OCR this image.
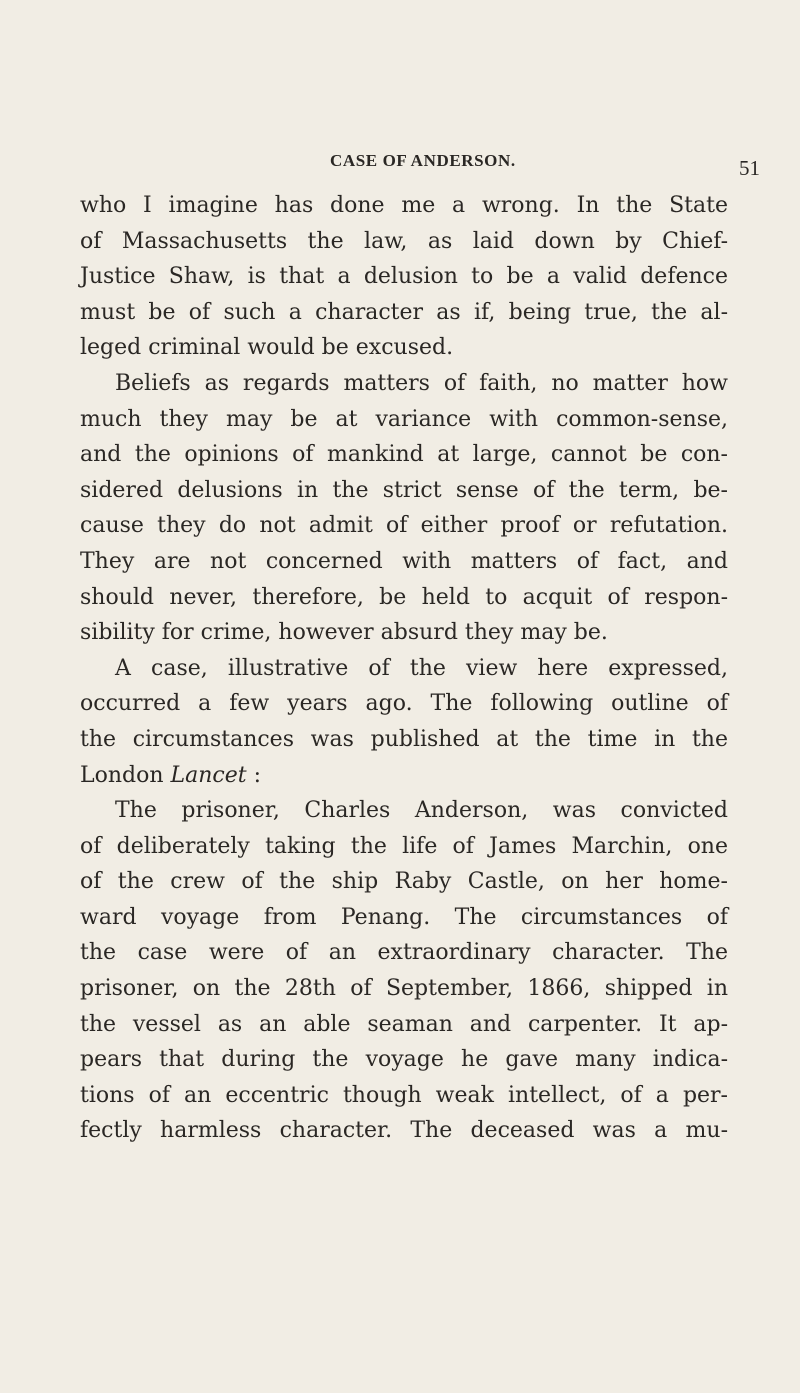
CASE OF ANDERSON.	51
who I imagine has done me a wrong. In the State
of Massachusetts the law, as laid down by Chief-
Justice Shaw, is that a delusion to be a valid defence
must be of such a character as if, being true, the al-
leged criminal would be excused.
Beliefs as regards matters of faith, no matter how
much they may be at variance with common-sense,
and the opinions of mankind at large, cannot be con-
sidered delusions in the strict sense of the term, be-
cause they do not admit of either proof or refutation.
They are not concerned with matters of fact, and
should never, therefore, be held to acquit of respon-
sibility for crime, however absurd they may be.
A case, illustrative of the view here expressed,
occurred a few years ago. The following outline of
the circumstances was published at the time in the
London Lancet :
The prisoner, Charles Anderson, was convicted
of deliberately taking the life of James Marchin, one
of the crew of the ship Raby Castle, on her home-
ward voyage from Penang. The circumstances of
the case were of an extraordinary character. The
prisoner, on the 28th of September, 1866, shipped in
the vessel as an able seaman and carpenter. It ap-
pears that during the voyage he gave many indica-
tions of an eccentric though weak intellect, of a per-
fectly harmless character. The deceased was a mu-
